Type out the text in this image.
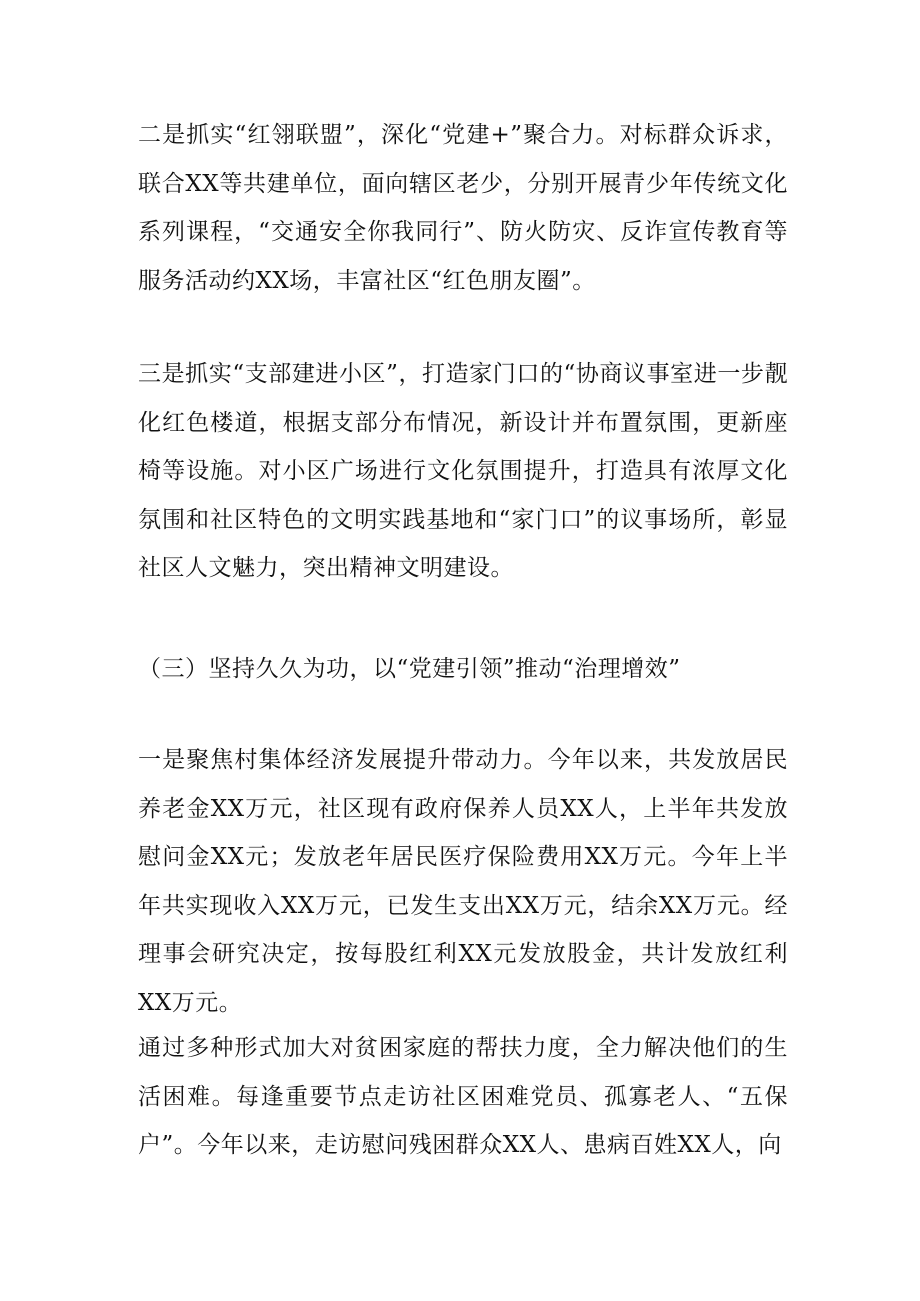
二是抓实“红翎联盟”，深化“党建+”聚合力。对标群众诉求，联合XX等共建单位，面向辖区老少，分别开展青少年传统文化系列课程，“交通安全你我同行”、防火防灾、反诈宣传教育等服务活动约XX场，丰富社区“红色朋友圈”。

三是抓实“支部建进小区”，打造家门口的“协商议事室进一步靓化红色楼道，根据支部分布情况，新设计并布置氛围，更新座椅等设施。对小区广场进行文化氛围提升，打造具有浓厚文化氛围和社区特色的文明实践基地和“家门口”的议事场所，彰显社区人文魅力，突出精神文明建设。

（三）坚持久久为功，以“党建引领”推动“治理增效”

一是聚焦村集体经济发展提升带动力。今年以来，共发放居民养老金XX万元，社区现有政府保养人员XX人，上半年共发放慰问金XX元；发放老年居民医疗保险费用XX万元。今年上半年共实现收入XX万元，已发生支出XX万元，结余XX万元。经理事会研究决定，按每股红利XX元发放股金，共计发放红利XX万元。

通过多种形式加大对贫困家庭的帮扶力度，全力解决他们的生活困难。每逢重要节点走访社区困难党员、孤寡老人、“五保户”。今年以来，走访慰问残困群众XX人、患病百姓XX人，向
